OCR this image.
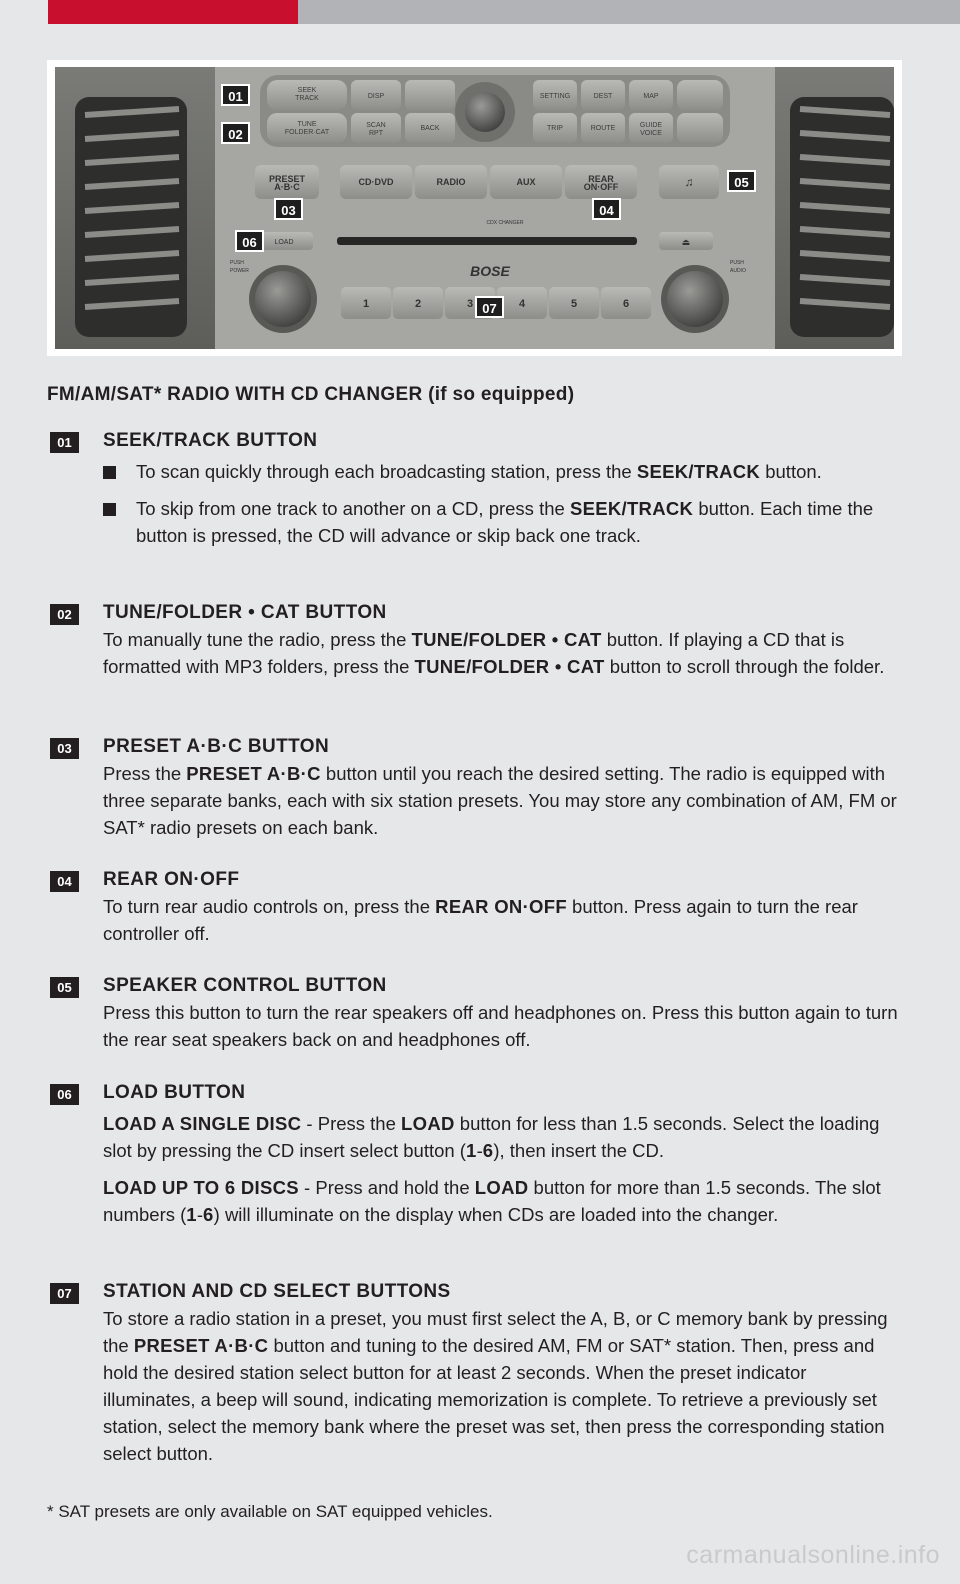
SEEK TRACK
TUNE FOLDER·CAT
DISP
SCAN RPT
BACK
SETTING
TRIP
DEST
ROUTE
MAP
GUIDE VOICE
PRESET A·B·C	CD·DVD	RADIO	AUX	REAR ON·OFF	♫
CDX CHANGER
LOAD	⏏
PUSH POWER
PUSH AUDIO
BOSE
1	2	3	4	5	6
01
02
03	04
05
06
07
FM/AM/SAT* RADIO WITH CD CHANGER (if so equipped)
01	SEEK/TRACK BUTTON
To scan quickly through each broadcasting station, press the SEEK/TRACK button.
To skip from one track to another on a CD, press the SEEK/TRACK button. Each time the button is pressed, the CD will advance or skip back one track.
02	TUNE/FOLDER • CAT BUTTON
To manually tune the radio, press the TUNE/FOLDER • CAT button. If playing a CD that is formatted with MP3 folders, press the TUNE/FOLDER • CAT button to scroll through the folder.
03	PRESET A·B·C BUTTON
Press the PRESET A·B·C button until you reach the desired setting. The radio is equipped with three separate banks, each with six station presets. You may store any combination of AM, FM or SAT* radio presets on each bank.
04	REAR ON·OFF
To turn rear audio controls on, press the REAR ON·OFF button. Press again to turn the rear controller off.
05	SPEAKER CONTROL BUTTON
Press this button to turn the rear speakers off and headphones on. Press this button again to turn the rear seat speakers back on and headphones off.
06	LOAD BUTTON
LOAD A SINGLE DISC - Press the LOAD button for less than 1.5 seconds. Select the loading slot by pressing the CD insert select button (1-6), then insert the CD.
LOAD UP TO 6 DISCS - Press and hold the LOAD button for more than 1.5 seconds. The slot numbers (1-6) will illuminate on the display when CDs are loaded into the changer.
07	STATION AND CD SELECT BUTTONS
To store a radio station in a preset, you must first select the A, B, or C memory bank by pressing the PRESET A·B·C button and tuning to the desired AM, FM or SAT* station. Then, press and hold the desired station select button for at least 2 seconds. When the preset indicator illuminates, a beep will sound, indicating memorization is complete. To retrieve a previously set station, select the memory bank where the preset was set, then press the corresponding station select button.
* SAT presets are only available on SAT equipped vehicles.
carmanualsonline.info
